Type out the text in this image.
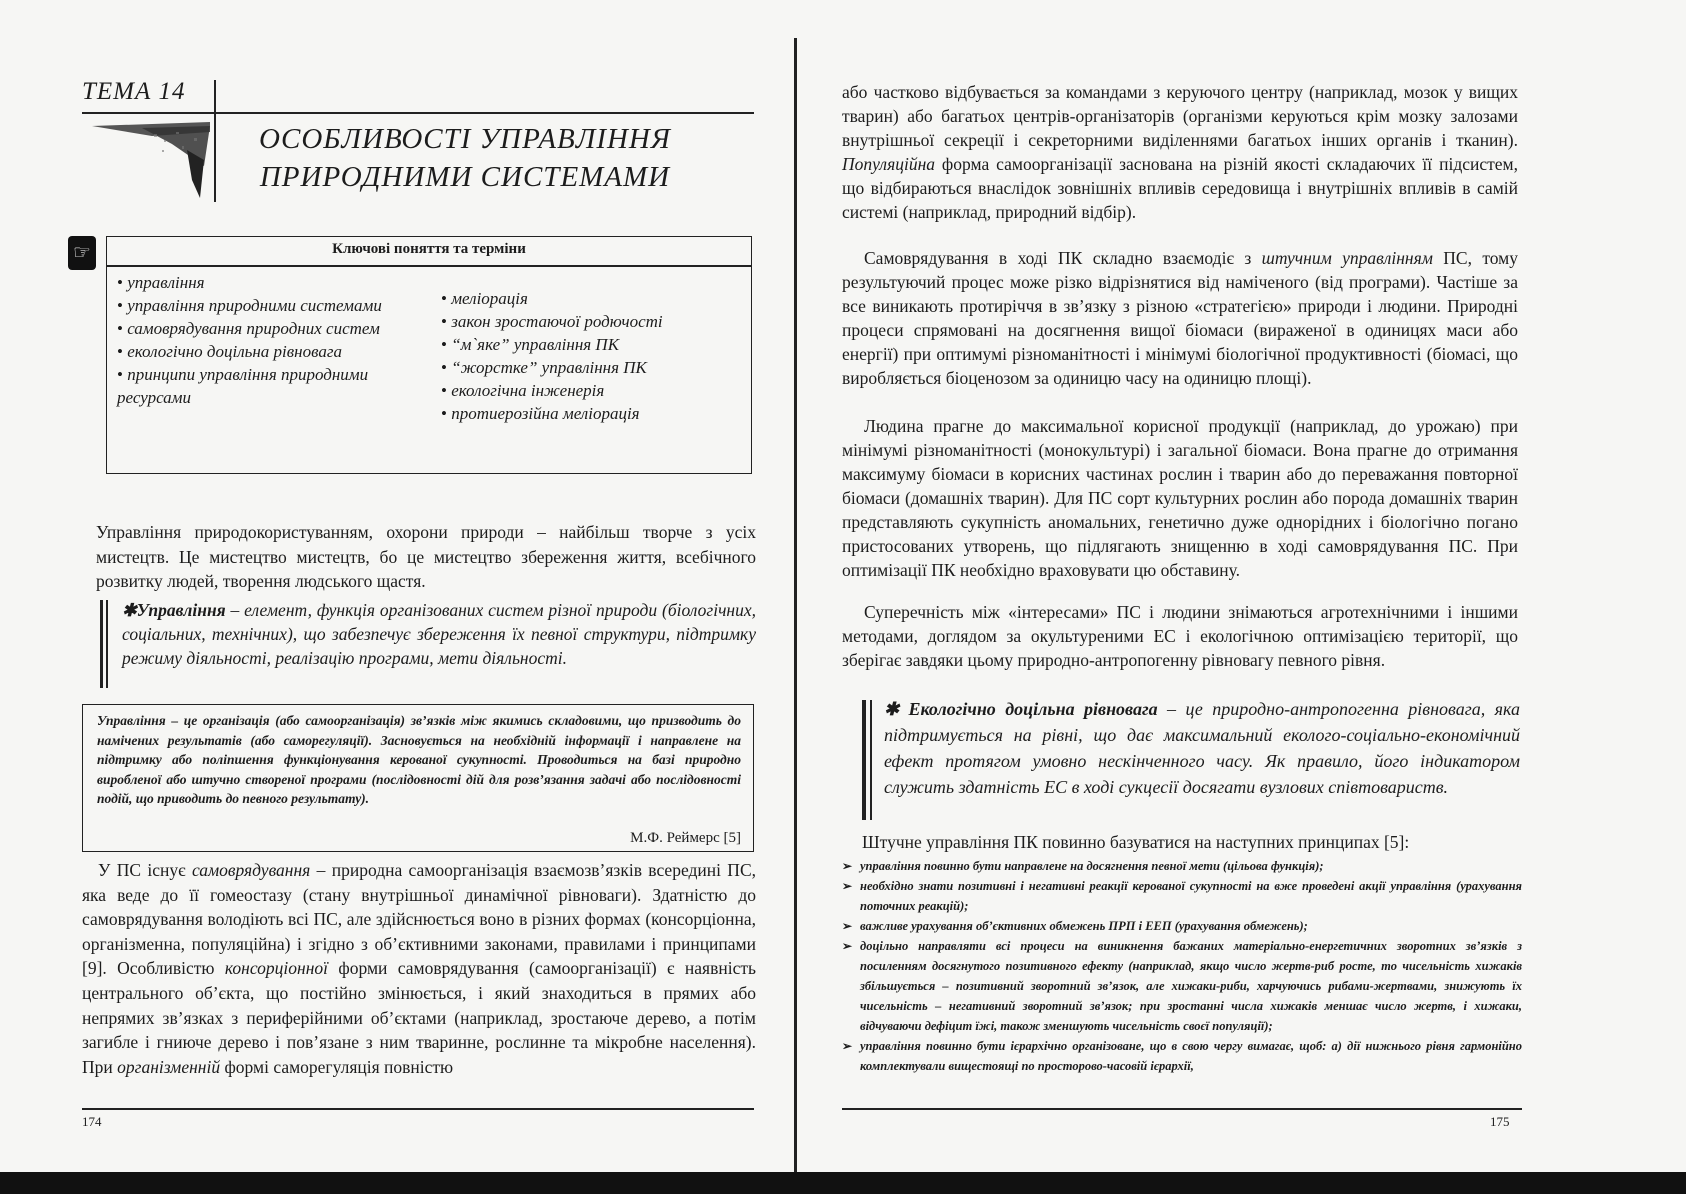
ТЕМА 14
ОСОБЛИВОСТІ УПРАВЛІННЯ
ПРИРОДНИМИ СИСТЕМАМИ
☞	Ключові поняття та терміни
• управління
• управління природними системами
• самоврядування природних систем
• екологічно доцільна рівновага
• принципи управління природними ресурсами
• меліорація
• закон зростаючої родючості
• “м`яке” управління ПК
• “жорстке” управління ПК
• екологічна інженерія
• протиерозійна меліорація
Управління природокористуванням, охорони природи – найбільш творче з усіх мистецтв. Це мистецтво мистецтв, бо це мистецтво збереження життя, всебічного розвитку людей, творення людського щастя.
✱Управління – елемент, функція організованих систем різної природи (біологічних, соціальних, технічних), що забезпечує збереження їх певної структури, підтримку режиму діяльності, реалізацію програми, мети діяльності.
Управління – це організація (або самоорганізація) зв’язків між якимись складовими, що призводить до намічених результатів (або саморегуляції). Засновується на необхідній інформації і направлене на підтримку або поліпшення функціонування керованої сукупності. Проводиться на базі природно виробленої або штучно створеної програми (послідовності дій для розв’язання задачі або послідовності подій, що приводить до певного результату).
М.Ф. Реймерс [5]
У ПС існує самоврядування – природна самоорганізація взаємозв’язків всередині ПС, яка веде до її гомеостазу (стану внутрішньої динамічної рівноваги). Здатністю до самоврядування володіють всі ПС, але здійснюється воно в різних формах (консорціонна, організменна, популяційна) і згідно з об’єктивними законами, правилами і принципами [9]. Особливістю консорціонної форми самоврядування (самоорганізації) є наявність центрального об’єкта, що постійно змінюється, і який знаходиться в прямих або непрямих зв’язках з периферійними об’єктами (наприклад, зростаюче дерево, а потім загибле і гниюче дерево і пов’язане з ним тваринне, рослинне та мікробне населення). При організменній формі саморегуляція повністю
174
або частково відбувається за командами з керуючого центру (наприклад, мозок у вищих тварин) або багатьох центрів-організаторів (організми керуються крім мозку залозами внутрішньої секреції і секреторними виділеннями багатьох інших органів і тканин). Популяційна форма самоорганізації заснована на різній якості складаючих її підсистем, що відбираються внаслідок зовнішніх впливів середовища і внутрішніх впливів в самій системі (наприклад, природний відбір).
Самоврядування в ході ПК складно взаємодіє з штучним управлінням ПС, тому результуючий процес може різко відрізнятися від наміченого (від програми). Частіше за все виникають протиріччя в зв’язку з різною «стратегією» природи і людини. Природні процеси спрямовані на досягнення вищої біомаси (вираженої в одиницях маси або енергії) при оптимумі різноманітності і мінімумі біологічної продуктивності (біомасі, що виробляється біоценозом за одиницю часу на одиницю площі).
Людина прагне до максимальної корисної продукції (наприклад, до урожаю) при мінімумі різноманітності (монокультурі) і загальної біомаси. Вона прагне до отримання максимуму біомаси в корисних частинах рослин і тварин або до переважання повторної біомаси (домашніх тварин). Для ПС сорт культурних рослин або порода домашніх тварин представляють сукупність аномальних, генетично дуже однорідних і біологічно погано пристосованих утворень, що підлягають знищенню в ході самоврядування ПС. При оптимізації ПК необхідно враховувати цю обставину.
Суперечність між «інтересами» ПС і людини знімаються агротехнічними і іншими методами, доглядом за окультуреними ЕС і екологічною оптимізацією території, що зберігає завдяки цьому природно-антропогенну рівновагу певного рівня.
✱ Екологічно доцільна рівновага – це природно-антропогенна рівновага, яка підтримується на рівні, що дає максимальний еколого-соціально-економічний ефект протягом умовно нескінченного часу. Як правило, його індикатором служить здатність ЕС в ході сукцесії досягати вузлових співтовариств.
Штучне управління ПК повинно базуватися на наступних принципах [5]:
➢ управління повинно бути направлене на досягнення певної мети (цільова функція);
➢ необхідно знати позитивні і негативні реакції керованої сукупності на вже проведені акції управління (урахування поточних реакцій);
➢ важливе урахування об’єктивних обмежень ПРП і ЕЕП (урахування обмежень);
➢ доцільно направляти всі процеси на виникнення бажаних матеріально-енергетичних зворотних зв’язків з посиленням досягнутого позитивного ефекту (наприклад, якщо число жертв-риб росте, то чисельність хижаків збільшується – позитивний зворотний зв’язок, але хижаки-риби, харчуючись рибами-жертвами, знижують їх чисельність – негативний зворотний зв’язок; при зростанні числа хижаків меншає число жертв, і хижаки, відчуваючи дефіцит їжі, також зменшують чисельність своєї популяції);
➢ управління повинно бути ієрархічно організоване, що в свою чергу вимагає, щоб: а) дії нижнього рівня гармонійно комплектували вищестоящі по просторово-часовій ієрархії,
175
